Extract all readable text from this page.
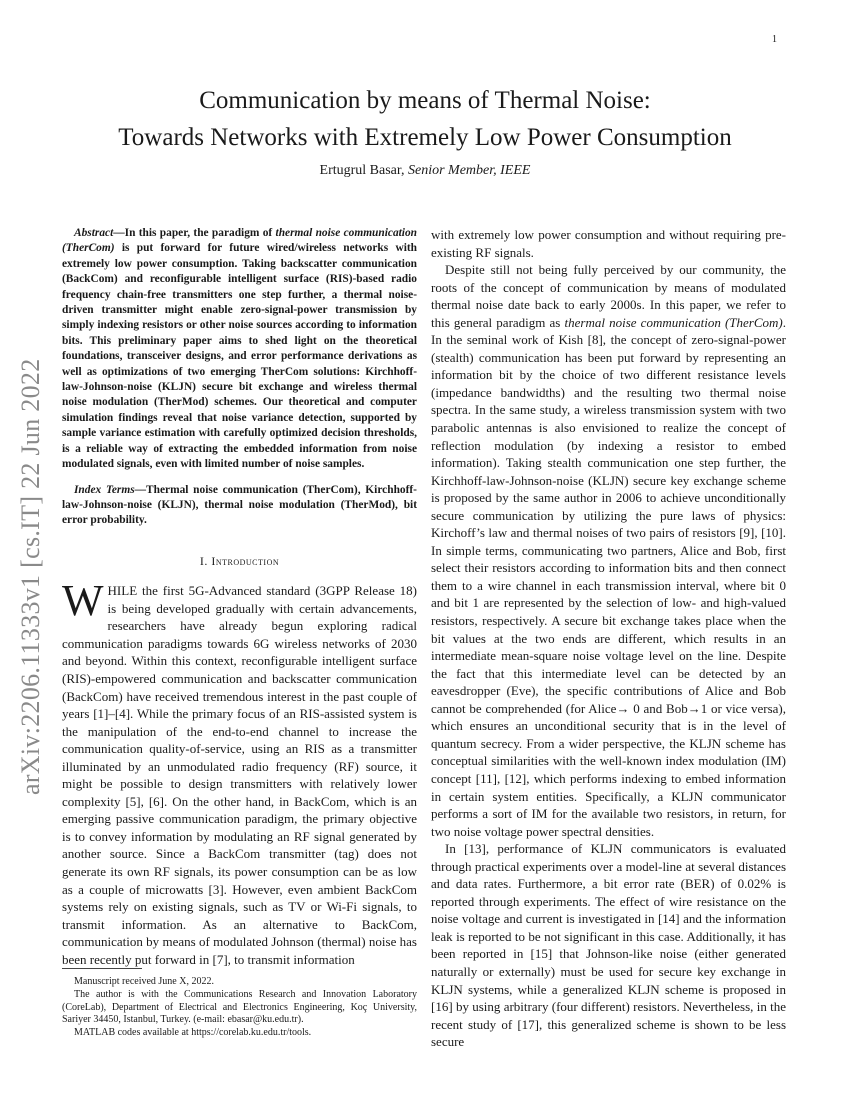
1
arXiv:2206.11333v1 [cs.IT] 22 Jun 2022
Communication by means of Thermal Noise:
Towards Networks with Extremely Low Power Consumption
Ertugrul Basar, Senior Member, IEEE

Abstract—In this paper, the paradigm of thermal noise communication (TherCom) is put forward for future wired/wireless networks with extremely low power consumption. Taking backscatter communication (BackCom) and reconfigurable intelligent surface (RIS)-based radio frequency chain-free transmitters one step further, a thermal noise-driven transmitter might enable zero-signal-power transmission by simply indexing resistors or other noise sources according to information bits. This preliminary paper aims to shed light on the theoretical foundations, transceiver designs, and error performance derivations as well as optimizations of two emerging TherCom solutions: Kirchhoff-law-Johnson-noise (KLJN) secure bit exchange and wireless thermal noise modulation (TherMod) schemes. Our theoretical and computer simulation findings reveal that noise variance detection, supported by sample variance estimation with carefully optimized decision thresholds, is a reliable way of extracting the embedded information from noise modulated signals, even with limited number of noise samples.

Index Terms—Thermal noise communication (TherCom), Kirchhoff-law-Johnson-noise (KLJN), thermal noise modulation (TherMod), bit error probability.

I. Introduction

WHILE the first 5G-Advanced standard (3GPP Release 18) is being developed gradually with certain advancements, researchers have already begun exploring radical communication paradigms towards 6G wireless networks of 2030 and beyond. Within this context, reconfigurable intelligent surface (RIS)-empowered communication and backscatter communication (BackCom) have received tremendous interest in the past couple of years [1]–[4]. While the primary focus of an RIS-assisted system is the manipulation of the end-to-end channel to increase the communication quality-of-service, using an RIS as a transmitter illuminated by an unmodulated radio frequency (RF) source, it might be possible to design transmitters with relatively lower complexity [5], [6]. On the other hand, in BackCom, which is an emerging passive communication paradigm, the primary objective is to convey information by modulating an RF signal generated by another source. Since a BackCom transmitter (tag) does not generate its own RF signals, its power consumption can be as low as a couple of microwatts [3]. However, even ambient BackCom systems rely on existing signals, such as TV or Wi-Fi signals, to transmit information. As an alternative to BackCom, communication by means of modulated Johnson (thermal) noise has been recently put forward in [7], to transmit information

Manuscript received June X, 2022.

The author is with the Communications Research and Innovation Laboratory (CoreLab), Department of Electrical and Electronics Engineering, Koç University, Sariyer 34450, Istanbul, Turkey. (e-mail: ebasar@ku.edu.tr).

MATLAB codes available at https://corelab.ku.edu.tr/tools.

with extremely low power consumption and without requiring pre-existing RF signals.

Despite still not being fully perceived by our community, the roots of the concept of communication by means of modulated thermal noise date back to early 2000s. In this paper, we refer to this general paradigm as thermal noise communication (TherCom). In the seminal work of Kish [8], the concept of zero-signal-power (stealth) communication has been put forward by representing an information bit by the choice of two different resistance levels (impedance bandwidths) and the resulting two thermal noise spectra. In the same study, a wireless transmission system with two parabolic antennas is also envisioned to realize the concept of reflection modulation (by indexing a resistor to embed information). Taking stealth communication one step further, the Kirchhoff-law-Johnson-noise (KLJN) secure key exchange scheme is proposed by the same author in 2006 to achieve unconditionally secure communication by utilizing the pure laws of physics: Kirchoff’s law and thermal noises of two pairs of resistors [9], [10]. In simple terms, communicating two partners, Alice and Bob, first select their resistors according to information bits and then connect them to a wire channel in each transmission interval, where bit 0 and bit 1 are represented by the selection of low- and high-valued resistors, respectively. A secure bit exchange takes place when the bit values at the two ends are different, which results in an intermediate mean-square noise voltage level on the line. Despite the fact that this intermediate level can be detected by an eavesdropper (Eve), the specific contributions of Alice and Bob cannot be comprehended (for Alice→ 0 and Bob→1 or vice versa), which ensures an unconditional security that is in the level of quantum secrecy. From a wider perspective, the KLJN scheme has conceptual similarities with the well-known index modulation (IM) concept [11], [12], which performs indexing to embed information in certain system entities. Specifically, a KLJN communicator performs a sort of IM for the available two resistors, in return, for two noise voltage power spectral densities.

In [13], performance of KLJN communicators is evaluated through practical experiments over a model-line at several distances and data rates. Furthermore, a bit error rate (BER) of 0.02% is reported through experiments. The effect of wire resistance on the noise voltage and current is investigated in [14] and the information leak is reported to be not significant in this case. Additionally, it has been reported in [15] that Johnson-like noise (either generated naturally or externally) must be used for secure key exchange in KLJN systems, while a generalized KLJN scheme is proposed in [16] by using arbitrary (four different) resistors. Nevertheless, in the recent study of [17], this generalized scheme is shown to be less secure
